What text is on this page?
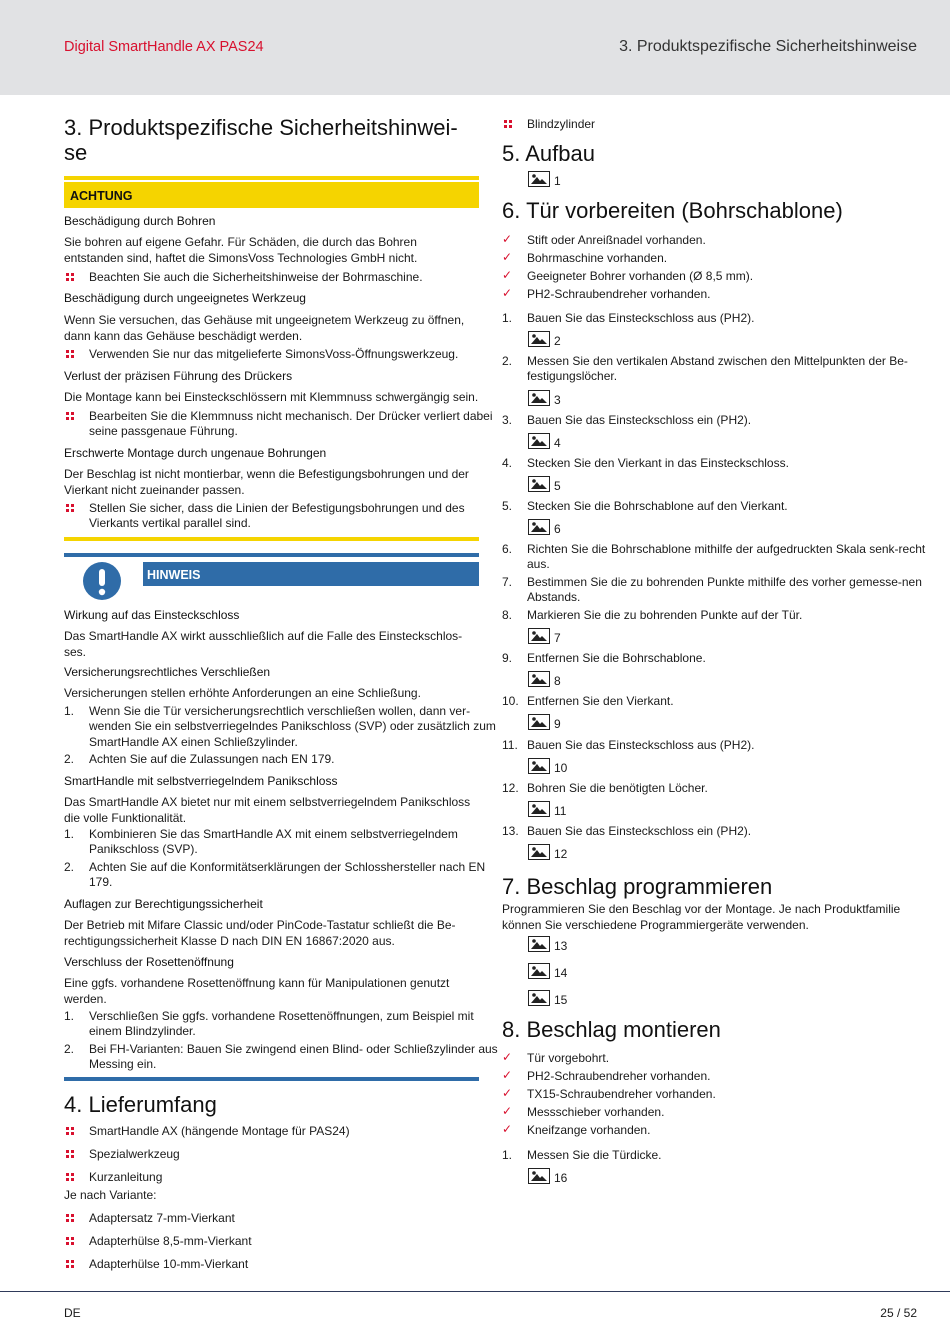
Digital SmartHandle AX PAS24	3. Produktspezifische Sicherheitshinweise
3. Produktspezifische Sicherheitshinwei-
se
ACHTUNG
HINWEIS
Wirkung auf das Einsteckschloss
Das SmartHandle AX wirkt ausschließlich auf die Falle des Einsteckschlos-ses.
Versicherungsrechtliches Verschließen
Versicherungen stellen erhöhte Anforderungen an eine Schließung.
SmartHandle mit selbstverriegelndem Panikschloss
Das SmartHandle AX bietet nur mit einem selbstverriegelndem Panikschloss die volle Funktionalität.
Auflagen zur Berechtigungssicherheit
Der Betrieb mit Mifare Classic und/oder PinCode-Tastatur schließt die Be-rechtigungssicherheit Klasse D nach DIN EN 16867:2020 aus.
Verschluss der Rosettenöffnung
Eine ggfs. vorhandene Rosettenöffnung kann für Manipulationen genutzt werden.
4. Lieferumfang
Je nach Variante:
Blindzylinder
5. Aufbau
6. Tür vorbereiten (Bohrschablone)
7. Beschlag programmieren
Programmieren Sie den Beschlag vor der Montage. Je nach Produktfamilie können Sie verschiedene Programmiergeräte verwenden.
8. Beschlag montieren
DE	25 / 52
Beschädigung durch Bohren
Sie bohren auf eigene Gefahr. Für Schäden, die durch das Bohren entstanden sind, haftet die SimonsVoss Technologies GmbH nicht.
Beachten Sie auch die Sicherheitshinweise der Bohrmaschine.
Beschädigung durch ungeeignetes Werkzeug
Wenn Sie versuchen, das Gehäuse mit ungeeignetem Werkzeug zu öffnen, dann kann das Gehäuse beschädigt werden.
Verwenden Sie nur das mitgelieferte SimonsVoss-Öffnungswerkzeug.
Verlust der präzisen Führung des Drückers
Die Montage kann bei Einsteckschlössern mit Klemmnuss schwergängig sein.
Bearbeiten Sie die Klemmnuss nicht mechanisch. Der Drücker verliert dabei seine passgenaue Führung.
Erschwerte Montage durch ungenaue Bohrungen
Der Beschlag ist nicht montierbar, wenn die Befestigungsbohrungen und der Vierkant nicht zueinander passen.
Stellen Sie sicher, dass die Linien der Befestigungsbohrungen und des Vierkants vertikal parallel sind.
1. Wenn Sie die Tür versicherungsrechtlich verschließen wollen, dann ver-wenden Sie ein selbstverriegelndes Panikschloss (SVP) oder zusätzlich zum SmartHandle AX einen Schließzylinder.
2. Achten Sie auf die Zulassungen nach EN 179.
1. Kombinieren Sie das SmartHandle AX mit einem selbstverriegelndem Panikschloss (SVP).
2. Achten Sie auf die Konformitätserklärungen der Schlosshersteller nach EN 179.
1. Verschließen Sie ggfs. vorhandene Rosettenöffnungen, zum Beispiel mit einem Blindzylinder.
2. Bei FH-Varianten: Bauen Sie zwingend einen Blind- oder Schließzylinder aus Messing ein.
SmartHandle AX (hängende Montage für PAS24)
Spezialwerkzeug
Kurzanleitung
Adaptersatz 7-mm-Vierkant
Adapterhülse 8,5-mm-Vierkant
Adapterhülse 10-mm-Vierkant
1
✓ Stift oder Anreißnadel vorhanden.
✓ Bohrmaschine vorhanden.
✓ Geeigneter Bohrer vorhanden (Ø 8,5 mm).
✓ PH2-Schraubendreher vorhanden.
1. Bauen Sie das Einsteckschloss aus (PH2).
2
2. Messen Sie den vertikalen Abstand zwischen den Mittelpunkten der Be-festigungslöcher.
3
3. Bauen Sie das Einsteckschloss ein (PH2).
4
4. Stecken Sie den Vierkant in das Einsteckschloss.
5
5. Stecken Sie die Bohrschablone auf den Vierkant.
6
6. Richten Sie die Bohrschablone mithilfe der aufgedruckten Skala senk-recht aus.
7. Bestimmen Sie die zu bohrenden Punkte mithilfe des vorher gemesse-nen Abstands.
8. Markieren Sie die zu bohrenden Punkte auf der Tür.
7
9. Entfernen Sie die Bohrschablone.
8
10. Entfernen Sie den Vierkant.
9
11. Bauen Sie das Einsteckschloss aus (PH2).
10
12. Bohren Sie die benötigten Löcher.
11
13. Bauen Sie das Einsteckschloss ein (PH2).
12
13
14
15
✓ Tür vorgebohrt.
✓ PH2-Schraubendreher vorhanden.
✓ TX15-Schraubendreher vorhanden.
✓ Messschieber vorhanden.
✓ Kneifzange vorhanden.
1. Messen Sie die Türdicke.
16
